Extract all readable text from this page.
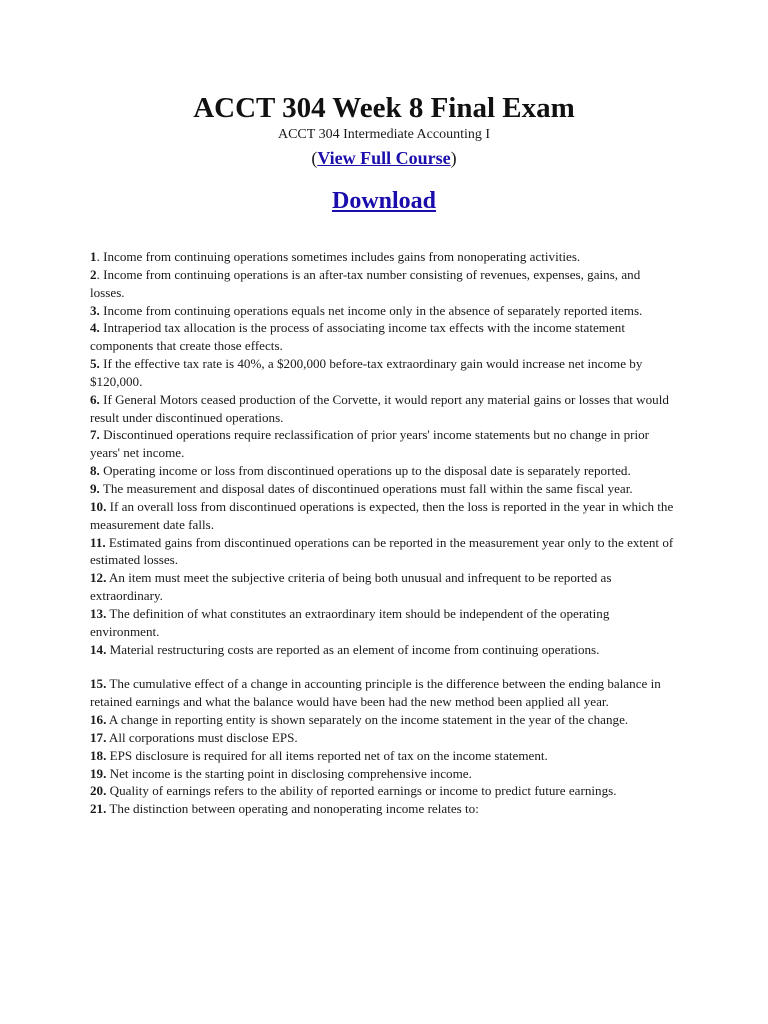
ACCT 304 Week 8 Final Exam

ACCT 304 Intermediate Accounting I

(View Full Course)

Download

1. Income from continuing operations sometimes includes gains from nonoperating activities.

2. Income from continuing operations is an after-tax number consisting of revenues, expenses, gains, and losses.

3. Income from continuing operations equals net income only in the absence of separately reported items.

4. Intraperiod tax allocation is the process of associating income tax effects with the income statement components that create those effects.

5. If the effective tax rate is 40%, a $200,000 before-tax extraordinary gain would increase net income by $120,000.

6. If General Motors ceased production of the Corvette, it would report any material gains or losses that would result under discontinued operations.

7. Discontinued operations require reclassification of prior years' income statements but no change in prior years' net income.

8. Operating income or loss from discontinued operations up to the disposal date is separately reported.

9. The measurement and disposal dates of discontinued operations must fall within the same fiscal year.

10. If an overall loss from discontinued operations is expected, then the loss is reported in the year in which the measurement date falls.

11. Estimated gains from discontinued operations can be reported in the measurement year only to the extent of estimated losses.

12. An item must meet the subjective criteria of being both unusual and infrequent to be reported as extraordinary.

13. The definition of what constitutes an extraordinary item should be independent of the operating environment.

14. Material restructuring costs are reported as an element of income from continuing operations.

15. The cumulative effect of a change in accounting principle is the difference between the ending balance in retained earnings and what the balance would have been had the new method been applied all year.

16. A change in reporting entity is shown separately on the income statement in the year of the change.

17. All corporations must disclose EPS.

18. EPS disclosure is required for all items reported net of tax on the income statement.

19. Net income is the starting point in disclosing comprehensive income.

20. Quality of earnings refers to the ability of reported earnings or income to predict future earnings.

21. The distinction between operating and nonoperating income relates to:
